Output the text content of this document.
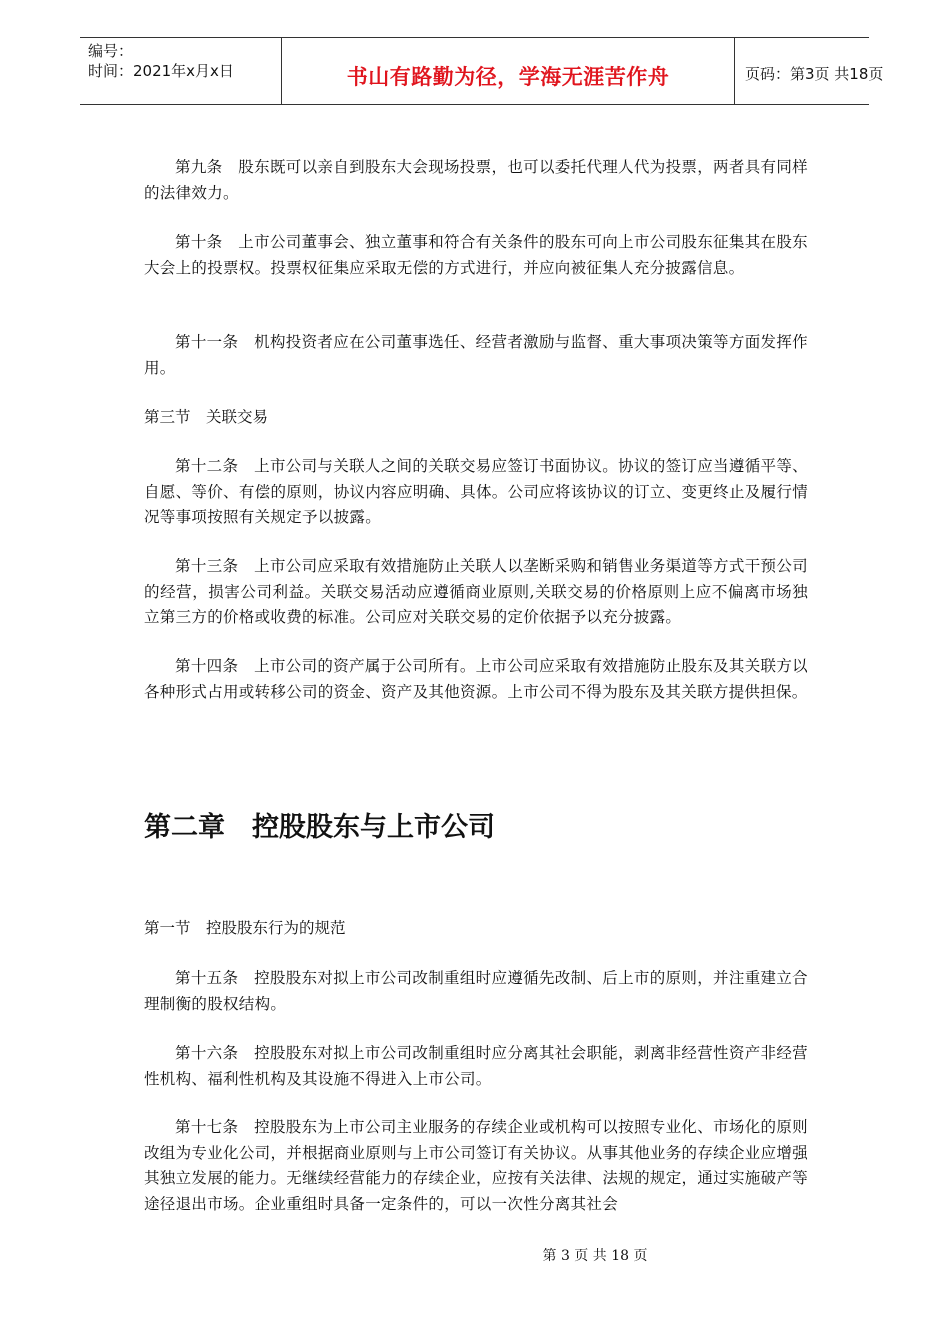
编号：
时间：2021年x月x日	书山有路勤为径，学海无涯苦作舟	页码：第3页 共18页
第九条　股东既可以亲自到股东大会现场投票，也可以委托代理人代为投票，两者具有同样的法律效力。
第十条　上市公司董事会、独立董事和符合有关条件的股东可向上市公司股东征集其在股东大会上的投票权。投票权征集应采取无偿的方式进行，并应向被征集人充分披露信息。
第十一条　机构投资者应在公司董事选任、经营者激励与监督、重大事项决策等方面发挥作用。
第三节　关联交易
第十二条　上市公司与关联人之间的关联交易应签订书面协议。协议的签订应当遵循平等、自愿、等价、有偿的原则，协议内容应明确、具体。公司应将该协议的订立、变更终止及履行情况等事项按照有关规定予以披露。
第十三条　上市公司应采取有效措施防止关联人以垄断采购和销售业务渠道等方式干预公司的经营，损害公司利益。关联交易活动应遵循商业原则,关联交易的价格原则上应不偏离市场独立第三方的价格或收费的标准。公司应对关联交易的定价依据予以充分披露。
第十四条　上市公司的资产属于公司所有。上市公司应采取有效措施防止股东及其关联方以各种形式占用或转移公司的资金、资产及其他资源。上市公司不得为股东及其关联方提供担保。
第二章　控股股东与上市公司
第一节　控股股东行为的规范
第十五条　控股股东对拟上市公司改制重组时应遵循先改制、后上市的原则，并注重建立合理制衡的股权结构。
第十六条　控股股东对拟上市公司改制重组时应分离其社会职能，剥离非经营性资产非经营性机构、福利性机构及其设施不得进入上市公司。
第十七条　控股股东为上市公司主业服务的存续企业或机构可以按照专业化、市场化的原则改组为专业化公司，并根据商业原则与上市公司签订有关协议。从事其他业务的存续企业应增强其独立发展的能力。无继续经营能力的存续企业，应按有关法律、法规的规定，通过实施破产等途径退出市场。企业重组时具备一定条件的，可以一次性分离其社会
第 3 页 共 18 页
